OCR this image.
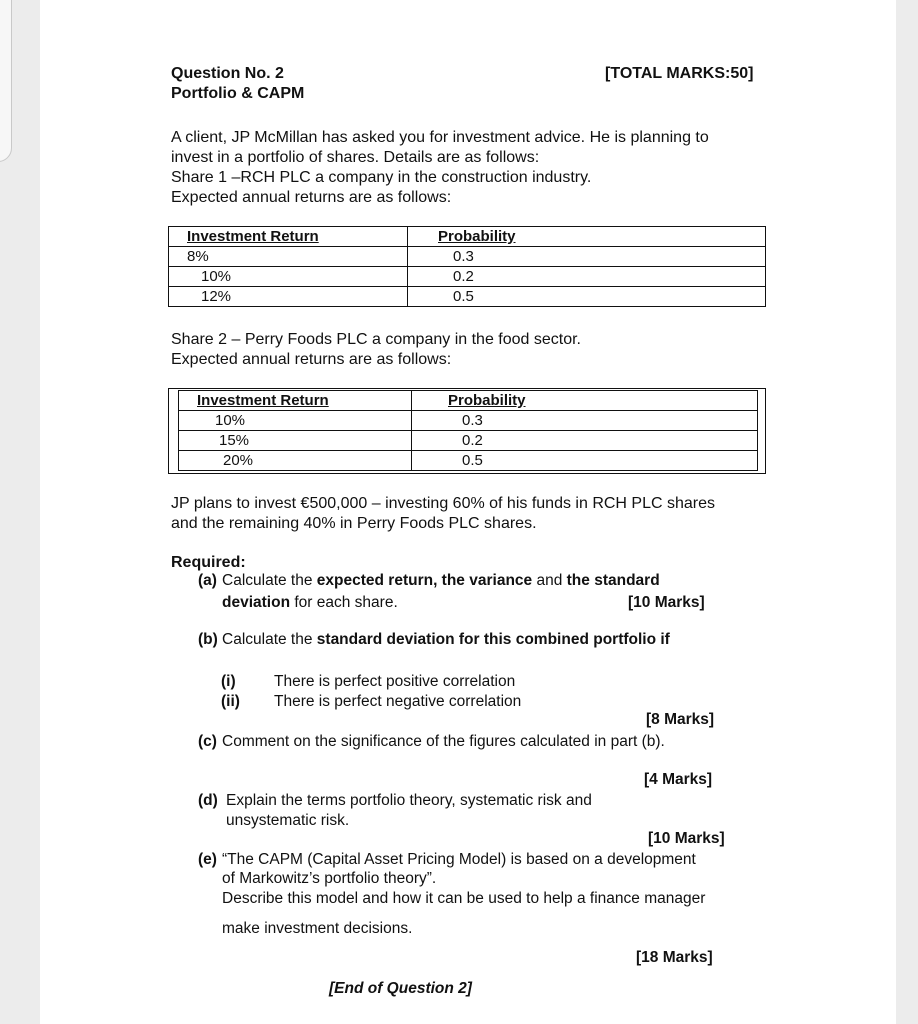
Question No. 2
Portfolio & CAPM
[TOTAL MARKS:50]
A client, JP McMillan has asked you for investment advice. He is planning to
invest in a portfolio of shares. Details are as follows:
Share 1 –RCH PLC a company in the construction industry.
Expected annual returns are as follows:
Investment Return	Probability
8%	0.3
10%	0.2
12%	0.5
Share 2 – Perry Foods PLC a company in the food sector.
Expected annual returns are as follows:
Investment Return	Probability
10%	0.3
15%	0.2
20%	0.5
JP plans to invest €500,000 – investing 60% of his funds in RCH PLC shares
and the remaining 40% in Perry Foods PLC shares.
Required:
(a) Calculate the expected return, the variance and the standard
deviation for each share.	[10 Marks]
(b) Calculate the standard deviation for this combined portfolio if
(i) There is perfect positive correlation
(ii) There is perfect negative correlation
[8 Marks]
(c) Comment on the significance of the figures calculated in part (b).
[4 Marks]
(d) Explain the terms portfolio theory, systematic risk and
unsystematic risk.
[10 Marks]
(e) “The CAPM (Capital Asset Pricing Model) is based on a development
of Markowitz’s portfolio theory”.
Describe this model and how it can be used to help a finance manager
make investment decisions.
[18 Marks]
[End of Question 2]
